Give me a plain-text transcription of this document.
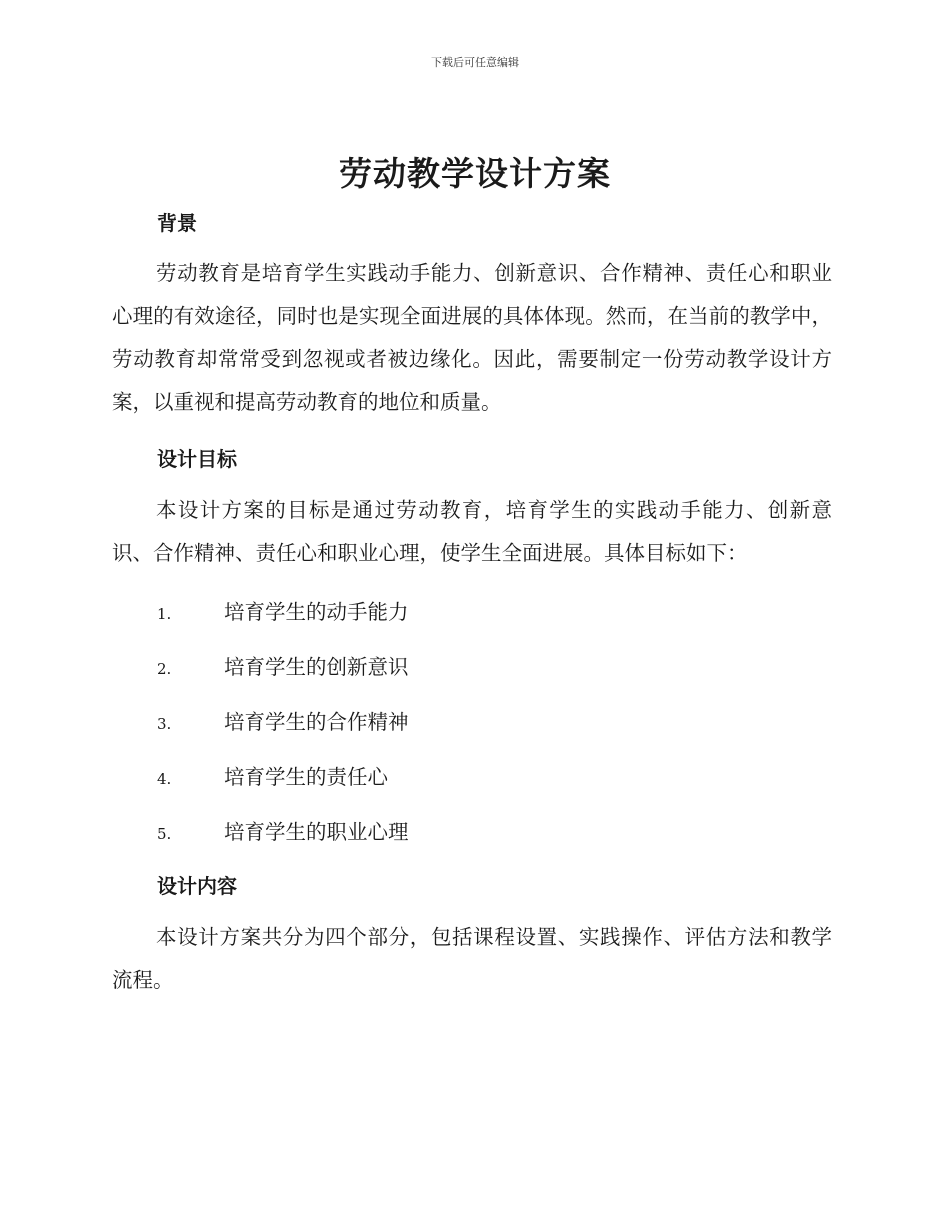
下载后可任意编辑
劳动教学设计方案
背景

劳动教育是培育学生实践动手能力、创新意识、合作精神、责任心和职业心理的有效途径，同时也是实现全面进展的具体体现。然而，在当前的教学中，劳动教育却常常受到忽视或者被边缘化。因此，需要制定一份劳动教学设计方案，以重视和提高劳动教育的地位和质量。

设计目标

本设计方案的目标是通过劳动教育，培育学生的实践动手能力、创新意识、合作精神、责任心和职业心理，使学生全面进展。具体目标如下：

1.	培育学生的动手能力
2.	培育学生的创新意识
3.	培育学生的合作精神
4.	培育学生的责任心
5.	培育学生的职业心理
设计内容

本设计方案共分为四个部分，包括课程设置、实践操作、评估方法和教学流程。
